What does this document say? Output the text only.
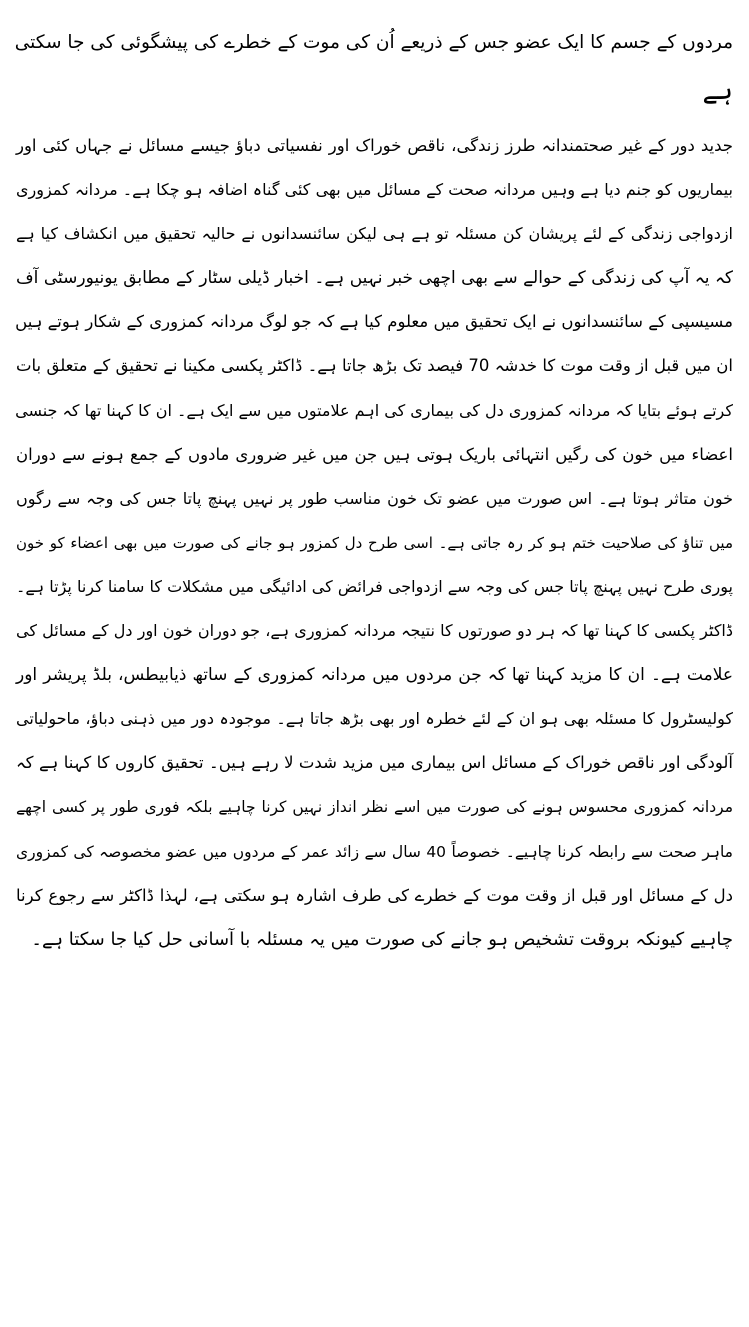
مردوں کے جسم کا ایک عضو جس کے ذریعے اُن کی موت کے خطرے کی پیشگوئی کی جا سکتی

ہے

جدید دور کے غیر صحتمندانہ طرز زندگی، ناقص خوراک اور نفسیاتی دباؤ جیسے مسائل نے جہاں کئی اور

بیماریوں کو جنم دیا ہے وہیں مردانہ صحت کے مسائل میں بھی کئی گناہ اضافہ ہو چکا ہے۔ مردانہ کمزوری

ازدواجی زندگی کے لئے پریشان کن مسئلہ تو ہے ہی لیکن سائنسدانوں نے حالیہ تحقیق میں انکشاف کیا ہے

کہ یہ آپ کی زندگی کے حوالے سے بھی اچھی خبر نہیں ہے۔ اخبار ڈیلی سٹار کے مطابق یونیورسٹی آف

مسیسپی کے سائنسدانوں نے ایک تحقیق میں معلوم کیا ہے کہ جو لوگ مردانہ کمزوری کے شکار ہوتے ہیں

ان میں قبل از وقت موت کا خدشہ 70 فیصد تک بڑھ جاتا ہے۔ ڈاکٹر پکسی مکینا نے تحقیق کے متعلق بات

کرتے ہوئے بتایا کہ مردانہ کمزوری دل کی بیماری کی اہم علامتوں میں سے ایک ہے۔ ان کا کہنا تھا کہ جنسی

اعضاء میں خون کی رگیں انتہائی باریک ہوتی ہیں جن میں غیر ضروری مادوں کے جمع ہونے سے دوران

خون متاثر ہوتا ہے۔ اس صورت میں عضو تک خون مناسب طور پر نہیں پہنچ پاتا جس کی وجہ سے رگوں

میں تناؤ کی صلاحیت ختم ہو کر رہ جاتی ہے۔ اسی طرح دل کمزور ہو جانے کی صورت میں بھی اعضاء کو خون

پوری طرح نہیں پہنچ پاتا جس کی وجہ سے ازدواجی فرائض کی ادائیگی میں مشکلات کا سامنا کرنا پڑتا ہے۔

ڈاکٹر پکسی کا کہنا تھا کہ ہر دو صورتوں کا نتیجہ مردانہ کمزوری ہے، جو دوران خون اور دل کے مسائل کی

علامت ہے۔ ان کا مزید کہنا تھا کہ جن مردوں میں مردانہ کمزوری کے ساتھ ذیابیطس، بلڈ پریشر اور

کولیسٹرول کا مسئلہ بھی ہو ان کے لئے خطرہ اور بھی بڑھ جاتا ہے۔ موجودہ دور میں ذہنی دباؤ، ماحولیاتی

آلودگی اور ناقص خوراک کے مسائل اس بیماری میں مزید شدت لا رہے ہیں۔ تحقیق کاروں کا کہنا ہے کہ

مردانہ کمزوری محسوس ہونے کی صورت میں اسے نظر انداز نہیں کرنا چاہیے بلکہ فوری طور پر کسی اچھے

ماہر صحت سے رابطہ کرنا چاہیے۔ خصوصاً 40 سال سے زائد عمر کے مردوں میں عضو مخصوصہ کی کمزوری

دل کے مسائل اور قبل از وقت موت کے خطرے کی طرف اشارہ ہو سکتی ہے، لہذا ڈاکٹر سے رجوع کرنا

چاہیے کیونکہ بروقت تشخیص ہو جانے کی صورت میں یہ مسئلہ با آسانی حل کیا جا سکتا ہے۔
